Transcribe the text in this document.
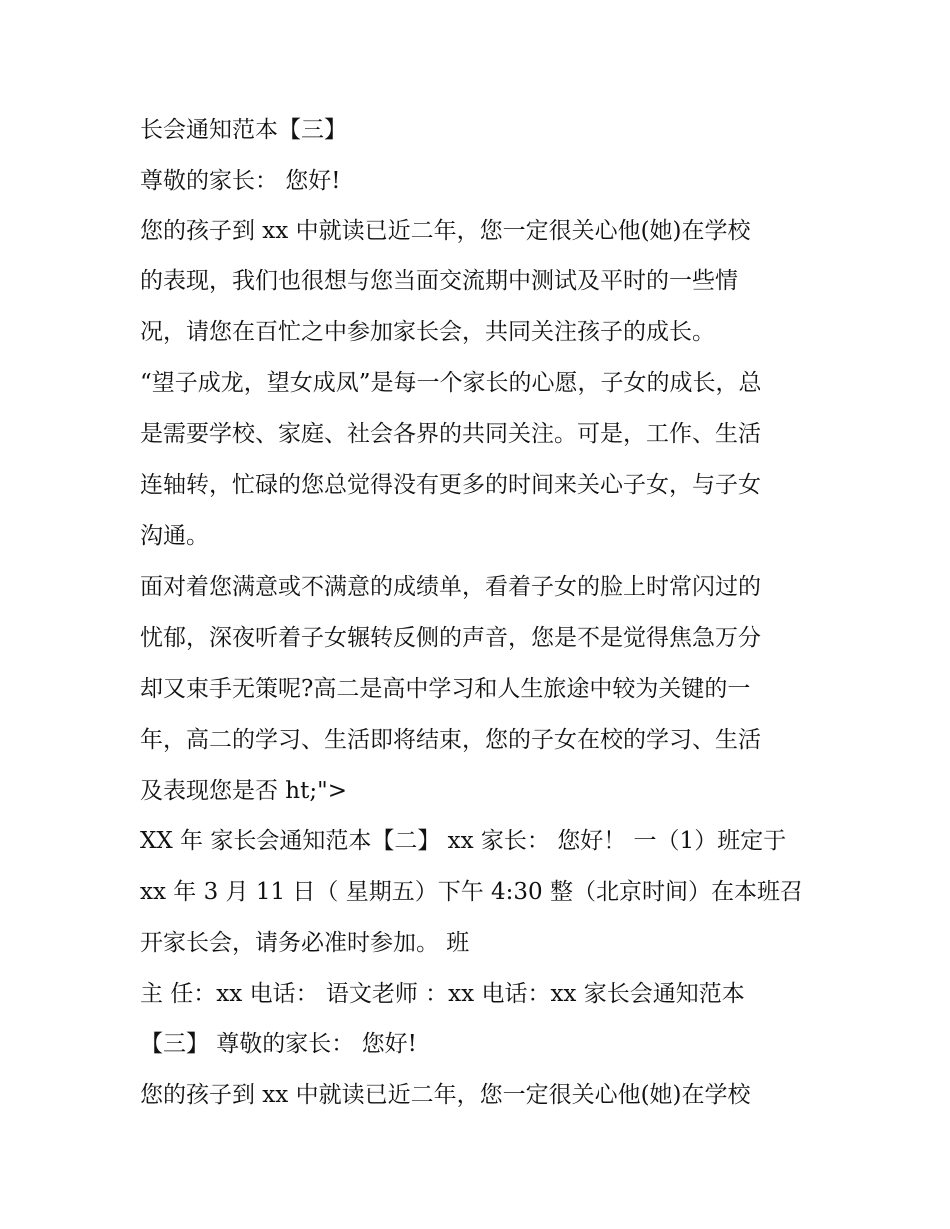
长会通知范本【三】
尊敬的家长： 您好!
您的孩子到 xx 中就读已近二年，您一定很关心他(她)在学校
的表现，我们也很想与您当面交流期中测试及平时的一些情
况，请您在百忙之中参加家长会，共同关注孩子的成长。
“望子成龙，望女成凤”是每一个家长的心愿，子女的成长，总
是需要学校、家庭、社会各界的共同关注。可是，工作、生活
连轴转，忙碌的您总觉得没有更多的时间来关心子女，与子女
沟通。
面对着您满意或不满意的成绩单，看着子女的脸上时常闪过的
忧郁，深夜听着子女辗转反侧的声音，您是不是觉得焦急万分
却又束手无策呢?高二是高中学习和人生旅途中较为关键的一
年，高二的学习、生活即将结束，您的子女在校的学习、生活
及表现您是否 ht;">
XX 年 家长会通知范本【二】 xx 家长： 您好！ 一（1）班定于
xx 年 3 月 11 日（ 星期五）下午 4:30 整（北京时间）在本班召
开家长会，请务必准时参加。 班
主 任：xx 电话： 语文老师 ：xx 电话：xx 家长会通知范本
【三】 尊敬的家长： 您好!
您的孩子到 xx 中就读已近二年，您一定很关心他(她)在学校
